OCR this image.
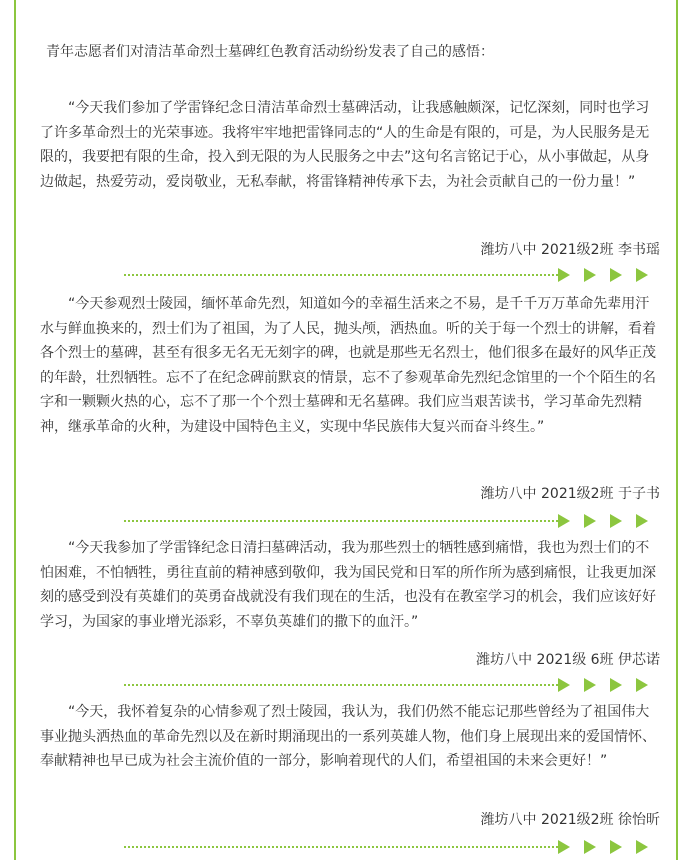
青年志愿者们对清洁革命烈士墓碑红色教育活动纷纷发表了自己的感悟：

“今天我们参加了学雷锋纪念日清洁革命烈士墓碑活动，让我感触颇深，记忆深刻，同时也学习了许多革命烈士的光荣事迹。我将牢牢地把雷锋同志的“人的生命是有限的，可是，为人民服务是无限的，我要把有限的生命，投入到无限的为人民服务之中去”这句名言铭记于心，从小事做起，从身边做起，热爱劳动，爱岗敬业，无私奉献，将雷锋精神传承下去，为社会贡献自己的一份力量！”

潍坊八中 2021级2班 李书瑶

“今天参观烈士陵园，缅怀革命先烈，知道如今的幸福生活来之不易，是千千万万革命先辈用汗水与鲜血换来的，烈士们为了祖国，为了人民，抛头颅，洒热血。听的关于每一个烈士的讲解，看着各个烈士的墓碑，甚至有很多无名无无刻字的碑，也就是那些无名烈士，他们很多在最好的风华正茂的年龄，壮烈牺牲。忘不了在纪念碑前默哀的情景，忘不了参观革命先烈纪念馆里的一个个陌生的名字和一颗颗火热的心，忘不了那一个个烈士墓碑和无名墓碑。我们应当艰苦读书，学习革命先烈精神，继承革命的火种，为建设中国特色主义，实现中华民族伟大复兴而奋斗终生。”

潍坊八中 2021级2班 于子书

“今天我参加了学雷锋纪念日清扫墓碑活动，我为那些烈士的牺牲感到痛惜，我也为烈士们的不怕困难，不怕牺牲，勇往直前的精神感到敬仰，我为国民党和日军的所作所为感到痛恨，让我更加深刻的感受到没有英雄们的英勇奋战就没有我们现在的生活，也没有在教室学习的机会，我们应该好好学习，为国家的事业增光添彩，不辜负英雄们的撒下的血汗。”

潍坊八中 2021级 6班 伊芯诺

“今天，我怀着复杂的心情参观了烈士陵园，我认为，我们仍然不能忘记那些曾经为了祖国伟大事业抛头洒热血的革命先烈以及在新时期涌现出的一系列英雄人物，他们身上展现出来的爱国情怀、奉献精神也早已成为社会主流价值的一部分，影响着现代的人们，希望祖国的未来会更好！”

潍坊八中 2021级2班 徐怡昕
